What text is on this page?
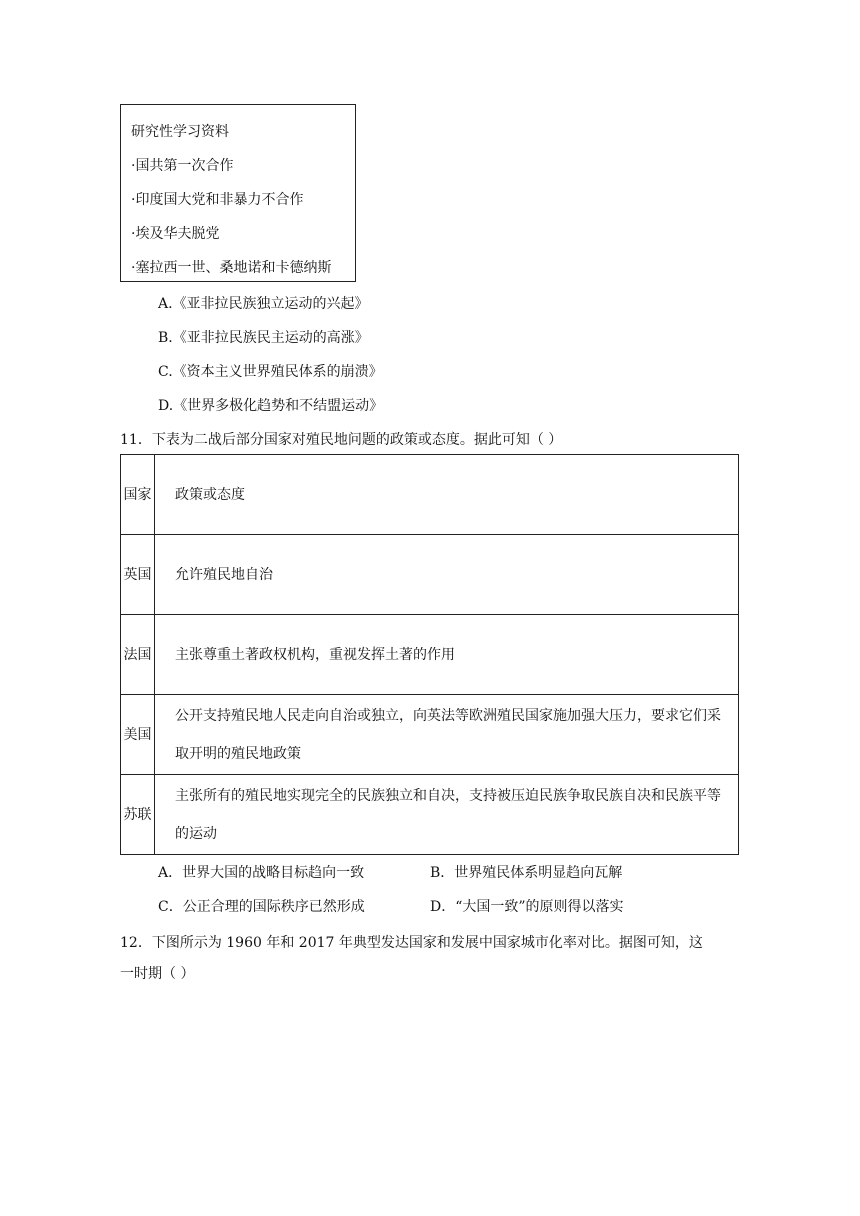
研究性学习资料
·国共第一次合作
·印度国大党和非暴力不合作
·埃及华夫脱党
·塞拉西一世、桑地诺和卡德纳斯
A.《亚非拉民族独立运动的兴起》
B.《亚非拉民族民主运动的高涨》
C.《资本主义世界殖民体系的崩溃》
D.《世界多极化趋势和不结盟运动》
11．下表为二战后部分国家对殖民地问题的政策或态度。据此可知（ ）
国家	政策或态度
英国	允许殖民地自治
法国	主张尊重土著政权机构，重视发挥土著的作用
美国	公开支持殖民地人民走向自治或独立，向英法等欧洲殖民国家施加强大压力，要求它们采取开明的殖民地政策
苏联	主张所有的殖民地实现完全的民族独立和自决，支持被压迫民族争取民族自决和民族平等的运动
A．世界大国的战略目标趋向一致	B．世界殖民体系明显趋向瓦解
C．公正合理的国际秩序已然形成	D．“大国一致”的原则得以落实
12．下图所示为 1960 年和 2017 年典型发达国家和发展中国家城市化率对比。据图可知，这
一时期（ ）
